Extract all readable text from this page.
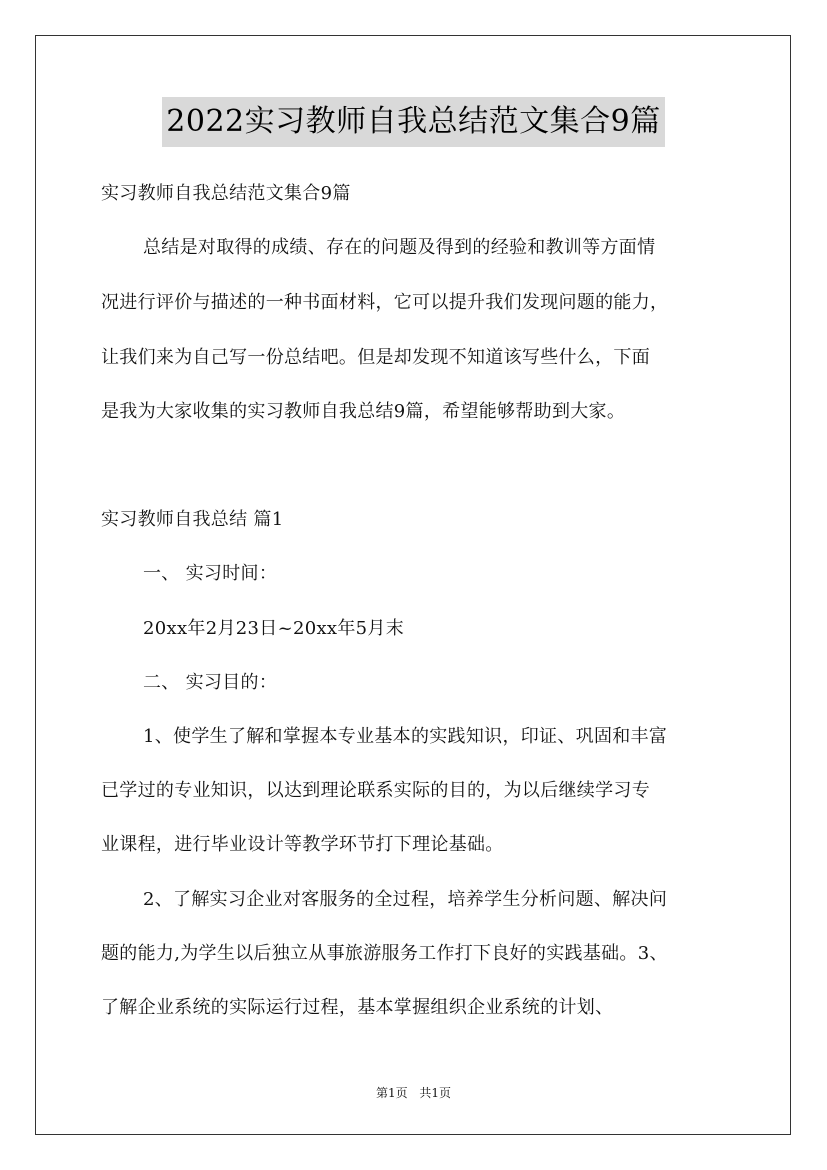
2022实习教师自我总结范文集合9篇
实习教师自我总结范文集合9篇
总结是对取得的成绩、存在的问题及得到的经验和教训等方面情
况进行评价与描述的一种书面材料，它可以提升我们发现问题的能力，
让我们来为自己写一份总结吧。但是却发现不知道该写些什么，下面
是我为大家收集的实习教师自我总结9篇，希望能够帮助到大家。
实习教师自我总结 篇1
一、 实习时间：
20xx年2月23日~20xx年5月末
二、 实习目的：
1、使学生了解和掌握本专业基本的实践知识，印证、巩固和丰富
已学过的专业知识，以达到理论联系实际的目的，为以后继续学习专
业课程，进行毕业设计等教学环节打下理论基础。
2、了解实习企业对客服务的全过程，培养学生分析问题、解决问
题的能力,为学生以后独立从事旅游服务工作打下良好的实践基础。3、
了解企业系统的实际运行过程，基本掌握组织企业系统的计划、
第1页 共1页
